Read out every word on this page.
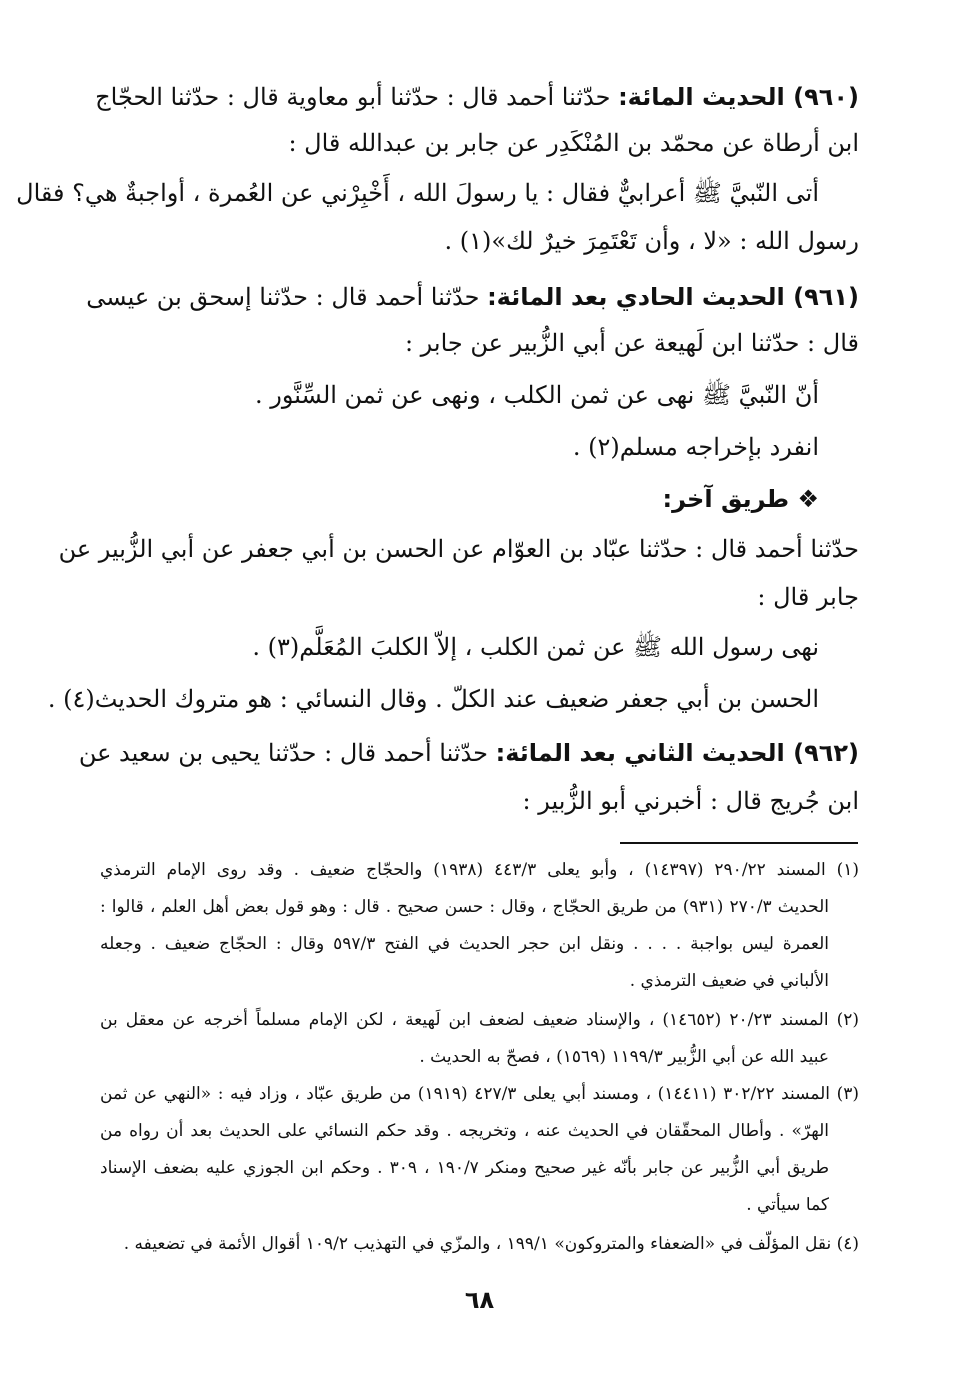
(٩٦٠) الحديث المائة: حدّثنا أحمد قال : حدّثنا أبو معاوية قال : حدّثنا الحجّاج
ابن أرطاة عن محمّد بن المُنْكَدِر عن جابر بن عبدالله قال :
أتى النّبيَّ ﷺ أعرابيٌّ فقال : يا رسولَ الله ، أَخْبِرْني عن العُمرة ، أواجبةٌ هي؟ فقال
رسول الله : «لا ، وأن تَعْتَمِرَ خيرٌ لك»(١) .
(٩٦١) الحديث الحادي بعد المائة: حدّثنا أحمد قال : حدّثنا إسحق بن عيسى
قال : حدّثنا ابن لَهيعة عن أبي الزُّبير عن جابر :
أنّ النّبيَّ ﷺ نهى عن ثمن الكلب ، ونهى عن ثمن السِّنَّور .
انفرد بإخراجه مسلم(٢) .
❖ طريق آخر:
حدّثنا أحمد قال : حدّثنا عبّاد بن العوّام عن الحسن بن أبي جعفر عن أبي الزُّبير عن
جابر قال :
نهى رسول الله ﷺ عن ثمن الكلب ، إلاّ الكلبَ المُعَلَّم(٣) .
الحسن بن أبي جعفر ضعيف عند الكلّ . وقال النسائي : هو متروك الحديث(٤) .
(٩٦٢) الحديث الثاني بعد المائة: حدّثنا أحمد قال : حدّثنا يحيى بن سعيد عن
ابن جُريج قال : أخبرني أبو الزُّبير :
(١) المسند ٢٩٠/٢٢ (١٤٣٩٧) ، وأبو يعلى ٤٤٣/٣ (١٩٣٨) والحجّاج ضعيف . وقد روى الإمام الترمذي
الحديث ٢٧٠/٣ (٩٣١) من طريق الحجّاج ، وقال : حسن صحيح . قال : وهو قول بعض أهل العلم ، قالوا :
العمرة ليس بواجبة . . . . ونقل ابن حجر الحديث في الفتح ٥٩٧/٣ وقال : الحجّاج ضعيف . وجعله
الألباني في ضعيف الترمذي .
(٢) المسند ٢٠/٢٣ (١٤٦٥٢) ، والإسناد ضعيف لضعف ابن لَهيعة ، لكن الإمام مسلماً أخرجه عن معقل بن
عبيد الله عن أبي الزُّبير ١١٩٩/٣ (١٥٦٩) ، فصحّ به الحديث .
(٣) المسند ٣٠٢/٢٢ (١٤٤١١) ، ومسند أبي يعلى ٤٢٧/٣ (١٩١٩) من طريق عبّاد ، وزاد فيه : «النهي عن ثمن
الهرّ» . وأطال المحقّقان في الحديث عنه ، وتخريجه . وقد حكم النسائي على الحديث بعد أن رواه من
طريق أبي الزُّبير عن جابر بأنّه غير صحيح ومنكر ١٩٠/٧ ، ٣٠٩ . وحكم ابن الجوزي عليه بضعف الإسناد
كما سيأتي .
(٤) نقل المؤلّف في «الضعفاء والمتروكون» ١٩٩/١ ، والمزّي في التهذيب ١٠٩/٢ أقوال الأئمة في تضعيفه .
٦٨
